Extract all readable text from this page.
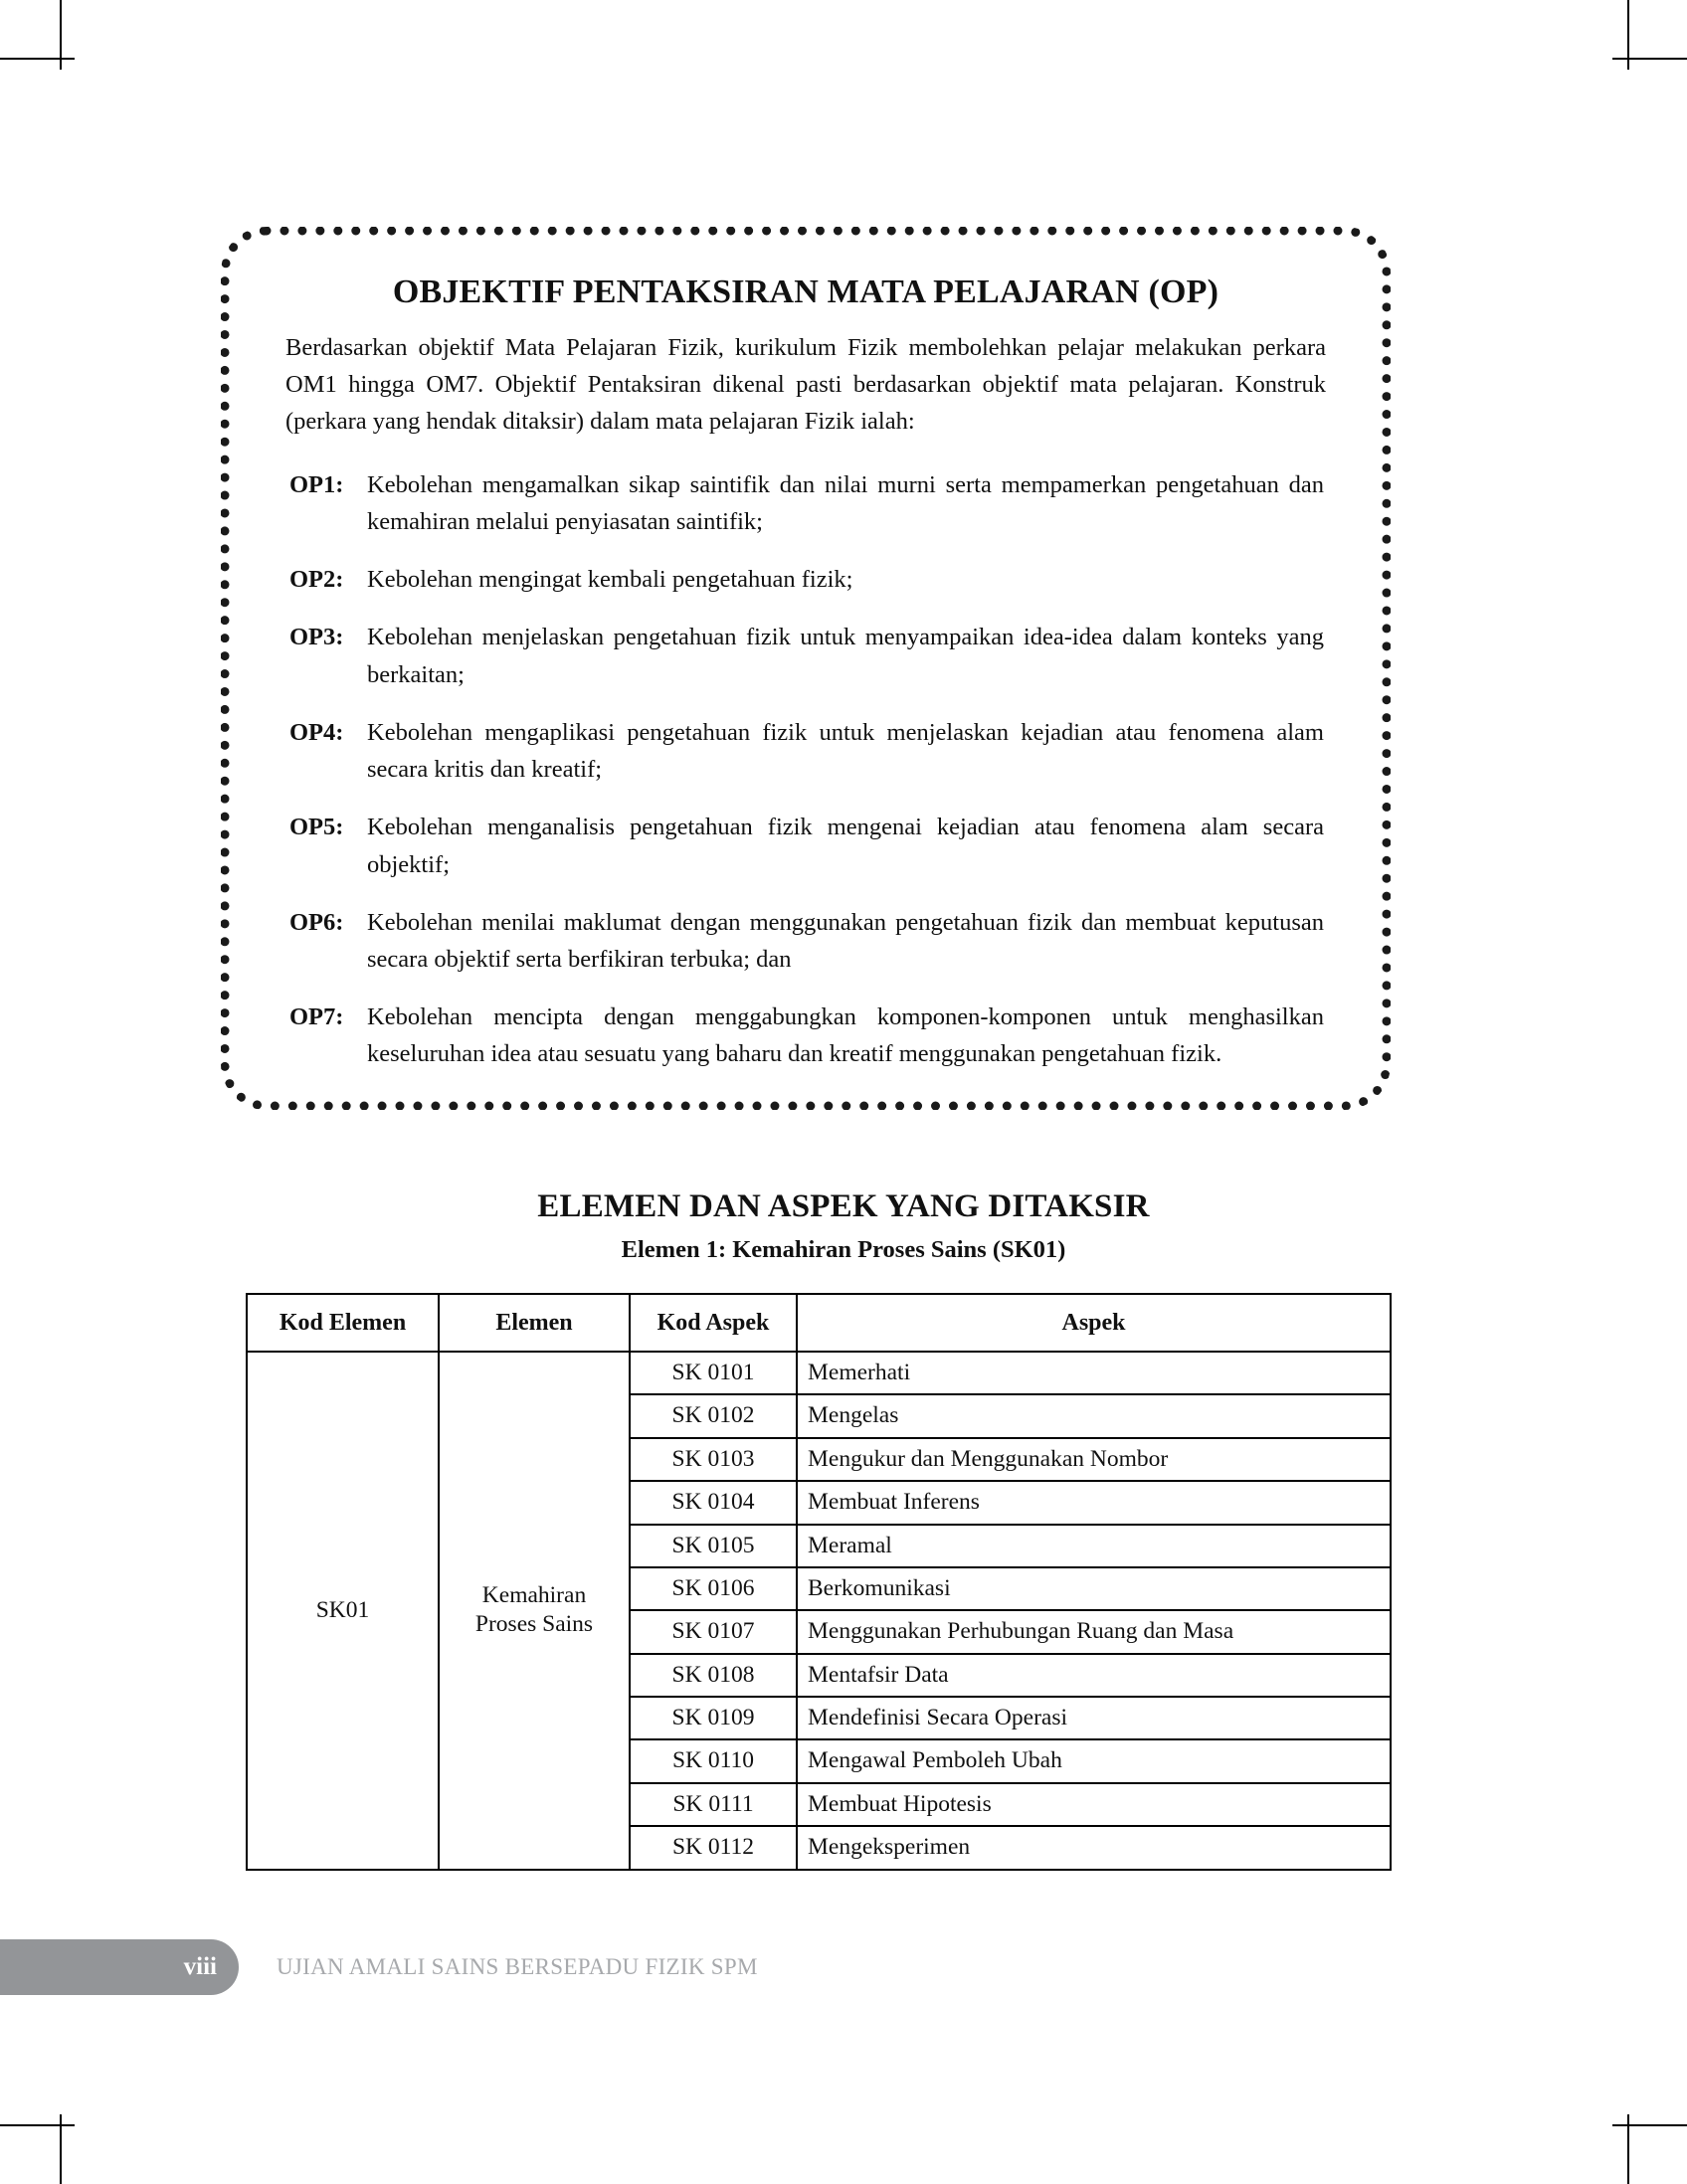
OBJEKTIF PENTAKSIRAN MATA PELAJARAN (OP)

Berdasarkan objektif Mata Pelajaran Fizik, kurikulum Fizik membolehkan pelajar melakukan perkara OM1 hingga OM7. Objektif Pentaksiran dikenal pasti berdasarkan objektif mata pelajaran. Konstruk (perkara yang hendak ditaksir) dalam mata pelajaran Fizik ialah:

OP1: Kebolehan mengamalkan sikap saintifik dan nilai murni serta mempamerkan pengetahuan dan kemahiran melalui penyiasatan saintifik;
OP2: Kebolehan mengingat kembali pengetahuan fizik;
OP3: Kebolehan menjelaskan pengetahuan fizik untuk menyampaikan idea-idea dalam konteks yang berkaitan;
OP4: Kebolehan mengaplikasi pengetahuan fizik untuk menjelaskan kejadian atau fenomena alam secara kritis dan kreatif;
OP5: Kebolehan menganalisis pengetahuan fizik mengenai kejadian atau fenomena alam secara objektif;
OP6: Kebolehan menilai maklumat dengan menggunakan pengetahuan fizik dan membuat keputusan secara objektif serta berfikiran terbuka; dan
OP7: Kebolehan mencipta dengan menggabungkan komponen-komponen untuk menghasilkan keseluruhan idea atau sesuatu yang baharu dan kreatif menggunakan pengetahuan fizik.
ELEMEN DAN ASPEK YANG DITAKSIR
Elemen 1: Kemahiran Proses Sains (SK01)
Kod Elemen	Elemen	Kod Aspek	Aspek
SK01	Kemahiran Proses Sains	SK 0101	Memerhati
		SK 0102	Mengelas
		SK 0103	Mengukur dan Menggunakan Nombor
		SK 0104	Membuat Inferens
		SK 0105	Meramal
		SK 0106	Berkomunikasi
		SK 0107	Menggunakan Perhubungan Ruang dan Masa
		SK 0108	Mentafsir Data
		SK 0109	Mendefinisi Secara Operasi
		SK 0110	Mengawal Pemboleh Ubah
		SK 0111	Membuat Hipotesis
		SK 0112	Mengeksperimen
viii	UJIAN AMALI SAINS BERSEPADU FIZIK SPM
